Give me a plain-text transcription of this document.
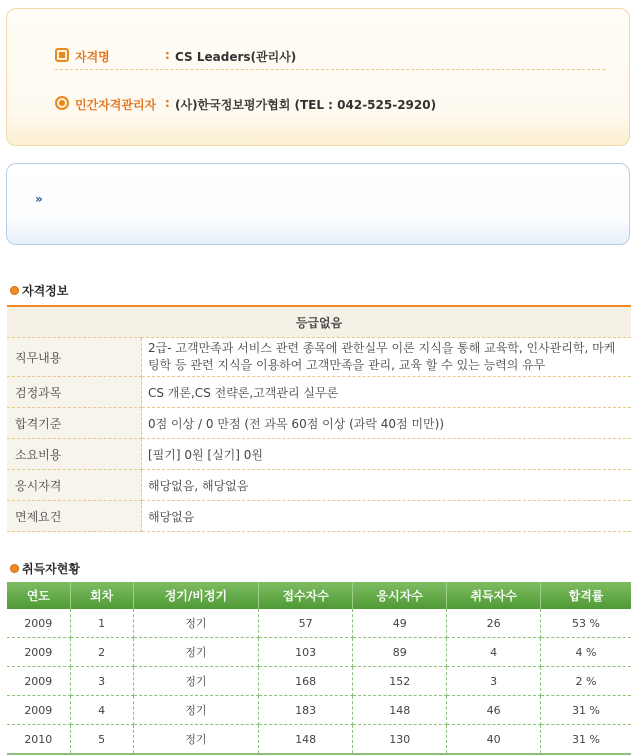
자격명	: CS Leaders(관리사)
민간자격관리자 : (사)한국정보평가협회 (TEL : 042-525-2920)
»
자격정보
등급없음	
직무내용	2급- 고객만족과 서비스 관련 종목에 관한실무 이론 지식을 통해 교육학, 인사관리학, 마케팅학 등 관련 지식을 이용하여 고객만족을 관리, 교육 할 수 있는 능력의 유무
검정과목	CS 개론,CS 전략론,고객관리 실무론
합격기준	0점 이상 / 0 만점 (전 과목 60점 이상 (과락 40점 미만))
소요비용	[필기] 0원 [실기] 0원
응시자격	해당없음, 해당없음
면제요건	해당없음
취득자현황
연도	회차	정기/비정기	접수자수	응시자수	취득자수	합격률
2009	1	정기	57	49	26	53 %
2009	2	정기	103	89	4	4 %
2009	3	정기	168	152	3	2 %
2009	4	정기	183	148	46	31 %
2010	5	정기	148	130	40	31 %
